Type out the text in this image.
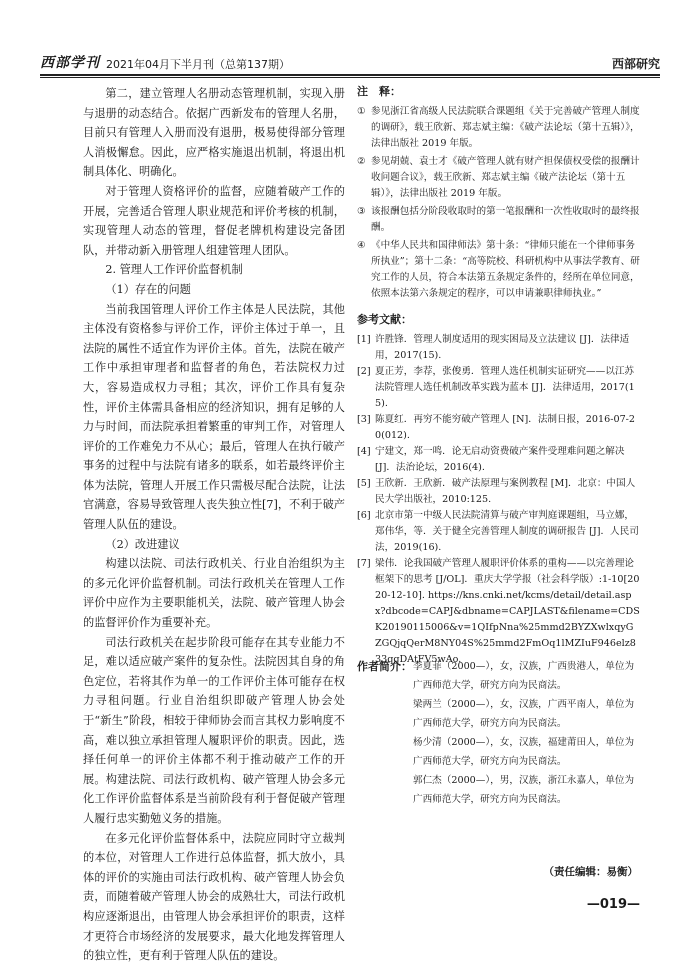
西部学刊 2021年04月下半月刊（总第137期）	西部研究

第二，建立管理人名册动态管理机制，实现入册与退册的动态结合。依据广西新发布的管理人名册，目前只有管理人入册而没有退册，极易使得部分管理人消极懈怠。因此，应严格实施退出机制，将退出机制具体化、明确化。

对于管理人资格评价的监督，应随着破产工作的开展，完善适合管理人职业规范和评价考核的机制，实现管理人动态的管理，督促老牌机构建设完备团队，并带动新入册管理人组建管理人团队。

2. 管理人工作评价监督机制
（1）存在的问题

当前我国管理人评价工作主体是人民法院，其他主体没有资格参与评价工作，评价主体过于单一，且法院的属性不适宜作为评价主体。首先，法院在破产工作中承担审理者和监督者的角色，若法院权力过大，容易造成权力寻租；其次，评价工作具有复杂性，评价主体需具备相应的经济知识，拥有足够的人力与时间，而法院承担着繁重的审判工作，对管理人评价的工作难免力不从心；最后，管理人在执行破产事务的过程中与法院有诸多的联系，如若最终评价主体为法院，管理人开展工作只需极尽配合法院，让法官满意，容易导致管理人丧失独立性[7]，不利于破产管理人队伍的建设。

（2）改进建议

构建以法院、司法行政机关、行业自治组织为主的多元化评价监督机制。司法行政机关在管理人工作评价中应作为主要职能机关，法院、破产管理人协会的监督评价作为重要补充。

司法行政机关在起步阶段可能存在其专业能力不足，难以适应破产案件的复杂性。法院因其自身的角色定位，若将其作为单一的工作评价主体可能存在权力寻租问题。行业自治组织即破产管理人协会处于“新生”阶段，相较于律师协会而言其权力影响度不高，难以独立承担管理人履职评价的职责。因此，选择任何单一的评价主体都不利于推动破产工作的开展。构建法院、司法行政机构、破产管理人协会多元化工作评价监督体系是当前阶段有利于督促破产管理人履行忠实勤勉义务的措施。

在多元化评价监督体系中，法院应同时守立裁判的本位，对管理人工作进行总体监督，抓大放小，具体的评价的实施由司法行政机构、破产管理人协会负责，而随着破产管理人协会的成熟壮大，司法行政机构应逐渐退出，由管理人协会承担评价的职责，这样才更符合市场经济的发展要求，最大化地发挥管理人的独立性，更有利于管理人队伍的建设。

注　释：
① 参见浙江省高级人民法院联合课题组《关于完善破产管理人制度的调研》，载王欣新、郑志斌主编：《破产法论坛（第十五辑）》，法律出版社 2019 年版。
② 参见胡兢、袁士才《破产管理人就有财产担保债权受偿的报酬计收问题合议》，载王欣新、郑志斌主编《破产法论坛（第十五辑）》，法律出版社 2019 年版。
③ 该报酬包括分阶段收取时的第一笔报酬和一次性收取时的最终报酬。
④ 《中华人民共和国律师法》第十条：“律师只能在一个律师事务所执业”；第十二条：“高等院校、科研机构中从事法学教育、研究工作的人员，符合本法第五条规定条件的，经所在单位同意，依照本法第六条规定的程序，可以申请兼职律师执业。”
参考文献：
[1] 许胜锋．管理人制度适用的现实困局及立法建议 [J]．法律适用，2017(15).
[2] 夏正芳，李荐，张俊勇．管理人选任机制实证研究——以江苏法院管理人选任机制改革实践为蓝本 [J]．法律适用，2017(15).
[3] 陈夏红．再穷不能穷破产管理人 [N]．法制日报，2016-07-20(012).
[4] 宁建文，郑一鸣．论无启动资费破产案件受理难问题之解决 [J]．法治论坛，2016(4).
[5] 王欣新．王欣新．破产法原理与案例教程 [M]．北京：中国人民大学出版社，2010:125.
[6] 北京市第一中级人民法院清算与破产审判庭课题组，马立娜，郑伟华，等．关于健全完善管理人制度的调研报告 [J]．人民司法，2019(16).
[7] 梁伟．论我国破产管理人履职评价体系的重构——以完善理论框架下的思考 [J/OL]．重庆大学学报（社会科学版）:1-10[2020-12-10]. https://kns.cnki.net/kcms/detail/detail.aspx?dbcode=CAPJ&dbname=CAPJLAST&filename=CDSK20190115006&v=1QIfpNna%25mmd2BYZXwlxqyGZGQjqQerM8NY04S%25mmd2FmOq1lMZIuF946elz833qgDAtFV5wAo.
作者简介： 李夏菲（2000—），女，汉族，广西贵港人，单位为广西师范大学，研究方向为民商法。
梁两兰（2000—），女，汉族，广西平南人，单位为广西师范大学，研究方向为民商法。
杨少清（2000—），女，汉族，福建莆田人，单位为广西师范大学，研究方向为民商法。
郭仁杰（2000—），男，汉族，浙江永嘉人，单位为广西师范大学，研究方向为民商法。
（责任编辑：易衡）
—019—
